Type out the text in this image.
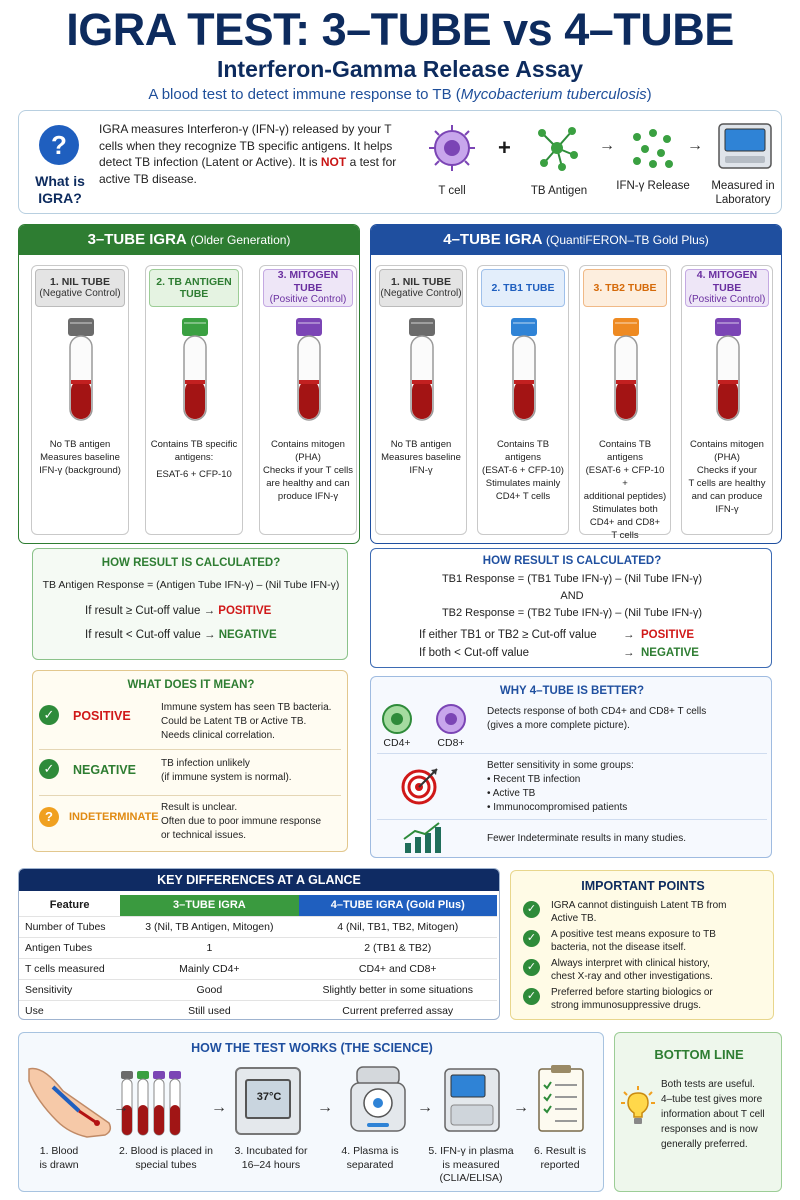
IGRA TEST: 3–TUBE vs 4–TUBE
Interferon-Gamma Release Assay
A blood test to detect immune response to TB (Mycobacterium tuberculosis)
?
What is
IGRA?
IGRA measures Interferon-γ (IFN-γ) released by your T cells when they recognize TB specific antigens. It helps detect TB infection (Latent or Active). It is NOT a test for active TB disease.
T cell
+
TB Antigen
→
IFN-γ Release
→
Measured in Laboratory
3–TUBE IGRA (Older Generation)
1. NIL TUBE
(Negative Control)
No TB antigen
Measures baseline
IFN-γ (background)
2. TB ANTIGEN TUBE
Contains TB specific
antigens:
ESAT-6 + CFP-10
3. MITOGEN TUBE
(Positive Control)
Contains mitogen
(PHA)
Checks if your T cells
are healthy and can
produce IFN-γ
4–TUBE IGRA (QuantiFERON–TB Gold Plus)
1. NIL TUBE
(Negative Control)
No TB antigen
Measures baseline
IFN-γ
2. TB1 TUBE
Contains TB antigens
(ESAT-6 + CFP-10)
Stimulates mainly
CD4+ T cells
3. TB2 TUBE
Contains TB antigens
(ESAT-6 + CFP-10 +
additional peptides)
Stimulates both
CD4+ and CD8+
T cells
4. MITOGEN TUBE
(Positive Control)
Contains mitogen
(PHA)
Checks if your
T cells are healthy
and can produce
IFN-γ
HOW RESULT IS CALCULATED?
TB Antigen Response = (Antigen Tube IFN-γ) – (Nil Tube IFN-γ)
If result ≥ Cut-off value → POSITIVE
If result < Cut-off value → NEGATIVE
HOW RESULT IS CALCULATED?
TB1 Response = (TB1 Tube IFN-γ) – (Nil Tube IFN-γ)
AND
TB2 Response = (TB2 Tube IFN-γ) – (Nil Tube IFN-γ)
If either TB1 or TB2 ≥ Cut-off value → POSITIVE
If both < Cut-off value	→ NEGATIVE
WHAT DOES IT MEAN?
✓	POSITIVE
Immune system has seen TB bacteria.
Could be Latent TB or Active TB.
Needs clinical correlation.
✓	NEGATIVE	TB infection unlikely
(if immune system is normal).
?	INDETERMINATE
Result is unclear.
Often due to poor immune response
or technical issues.
WHY 4–TUBE IS BETTER?
CD4+	CD8+
Detects response of both CD4+ and CD8+ T cells
(gives a more complete picture).
Better sensitivity in some groups:
• Recent TB infection
• Active TB
• Immunocompromised patients
Fewer Indeterminate results in many studies.
KEY DIFFERENCES AT A GLANCE
Feature	3–TUBE IGRA	4–TUBE IGRA (Gold Plus)
Number of Tubes	3 (Nil, TB Antigen, Mitogen)	4 (Nil, TB1, TB2, Mitogen)
Antigen Tubes	1	2 (TB1 & TB2)
T cells measured	Mainly CD4+	CD4+ and CD8+
Sensitivity	Good	Slightly better in some situations
Use	Still used	Current preferred assay
IMPORTANT POINTS
✓	IGRA cannot distinguish Latent TB from
Active TB.
✓	A positive test means exposure to TB
bacteria, not the disease itself.
✓	Always interpret with clinical history,
chest X-ray and other investigations.
✓	Preferred before starting biologics or
strong immunosuppressive drugs.
HOW THE TEST WORKS (THE SCIENCE)
37°C
→	→	→	→	→
1. Blood
is drawn
2. Blood is placed in
special tubes
3. Incubated for
16–24 hours
4. Plasma is
separated
5. IFN-γ in plasma
is measured
(CLIA/ELISA)
6. Result is
reported
BOTTOM LINE
Both tests are useful.
4–tube test gives more
information about T cell
responses and is now
generally preferred.
